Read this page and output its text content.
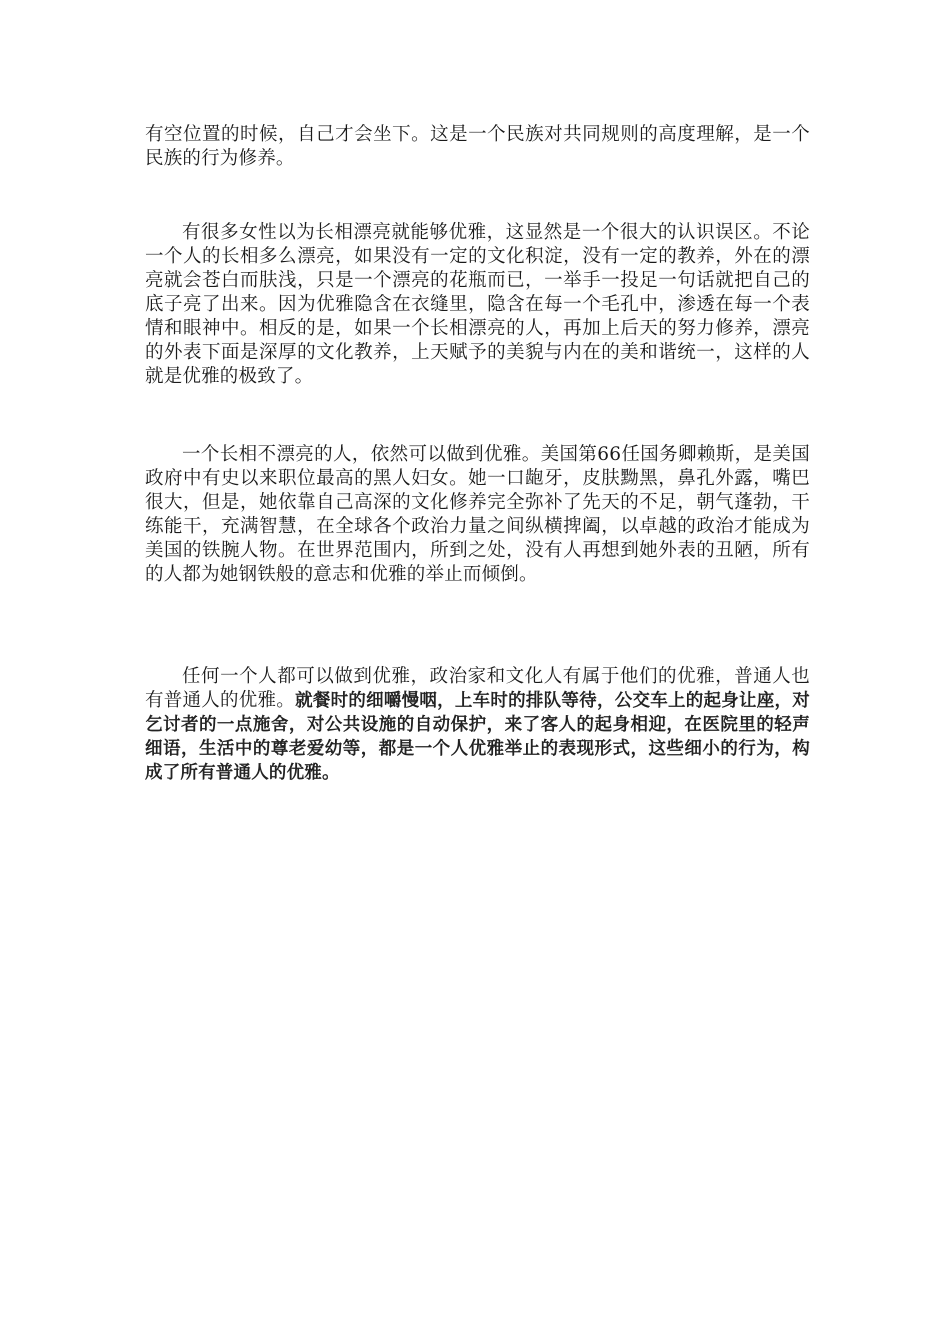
有空位置的时候，自己才会坐下。这是一个民族对共同规则的高度理解，是一个民族的行为修养。

有很多女性以为长相漂亮就能够优雅，这显然是一个很大的认识误区。不论一个人的长相多么漂亮，如果没有一定的文化积淀，没有一定的教养，外在的漂亮就会苍白而肤浅，只是一个漂亮的花瓶而已，一举手一投足一句话就把自己的底子亮了出来。因为优雅隐含在衣缝里，隐含在每一个毛孔中，渗透在每一个表情和眼神中。相反的是，如果一个长相漂亮的人，再加上后天的努力修养，漂亮的外表下面是深厚的文化教养，上天赋予的美貌与内在的美和谐统一，这样的人就是优雅的极致了。

一个长相不漂亮的人，依然可以做到优雅。美国第66任国务卿赖斯，是美国政府中有史以来职位最高的黑人妇女。她一口龅牙，皮肤黝黑，鼻孔外露，嘴巴很大，但是，她依靠自己高深的文化修养完全弥补了先天的不足，朝气蓬勃，干练能干，充满智慧，在全球各个政治力量之间纵横捭阖，以卓越的政治才能成为美国的铁腕人物。在世界范围内，所到之处，没有人再想到她外表的丑陋，所有的人都为她钢铁般的意志和优雅的举止而倾倒。

任何一个人都可以做到优雅，政治家和文化人有属于他们的优雅，普通人也有普通人的优雅。就餐时的细嚼慢咽，上车时的排队等待，公交车上的起身让座，对乞讨者的一点施舍，对公共设施的自动保护，来了客人的起身相迎，在医院里的轻声细语，生活中的尊老爱幼等，都是一个人优雅举止的表现形式，这些细小的行为，构成了所有普通人的优雅。
